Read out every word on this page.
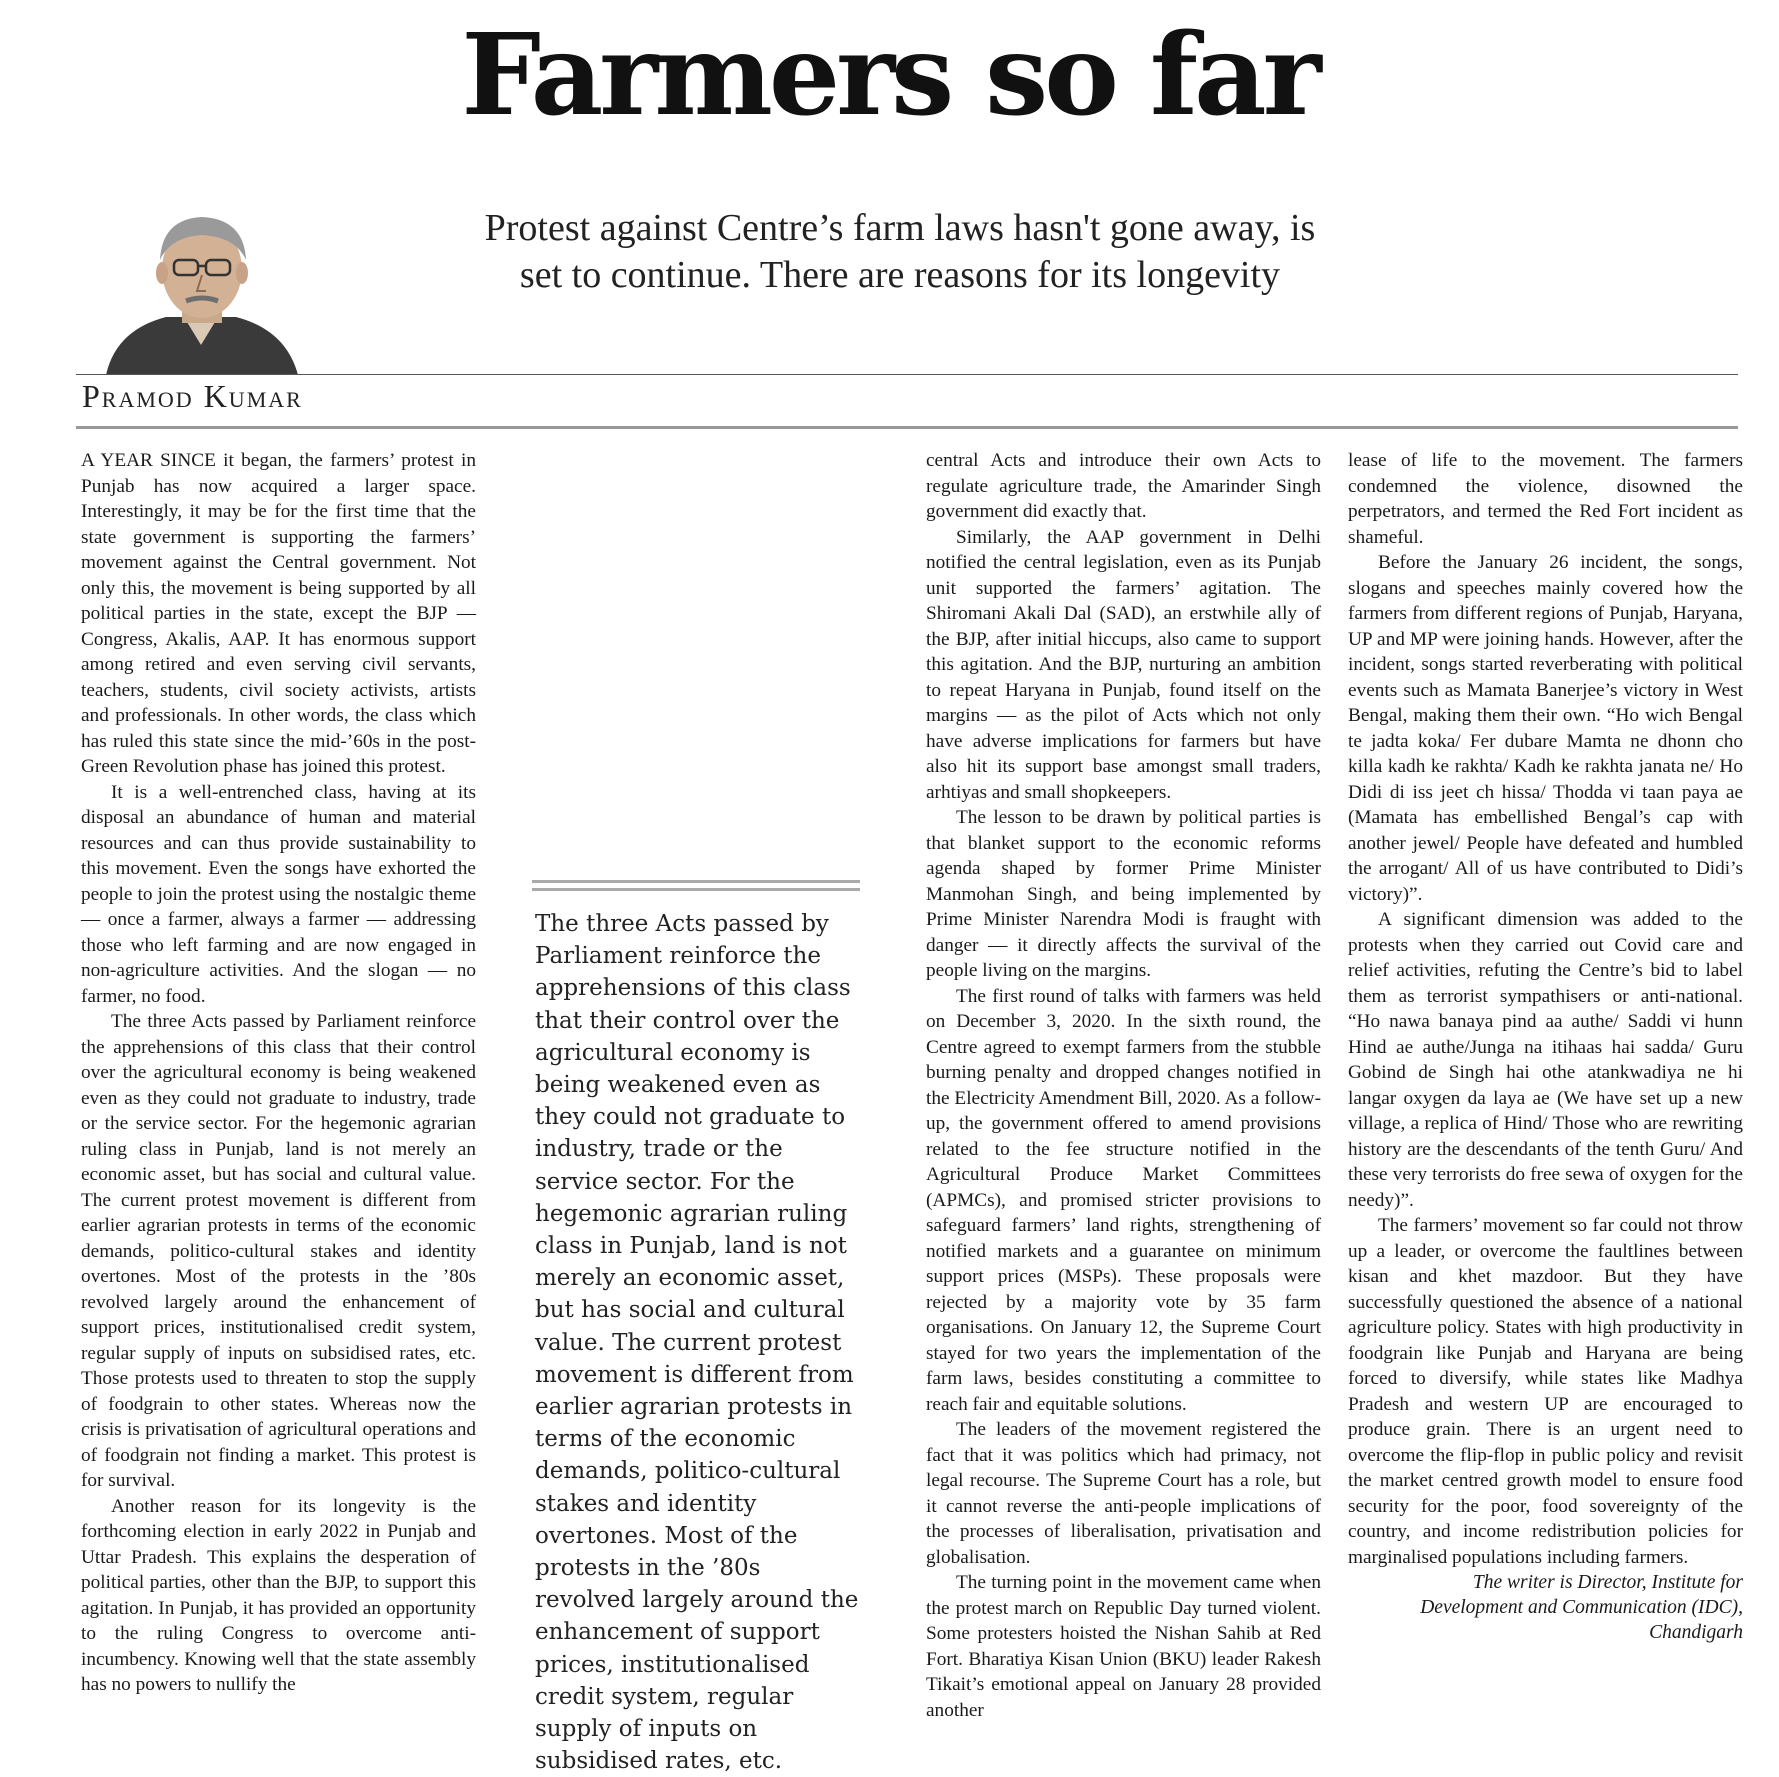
Farmers so far
Protest against Centre’s farm laws hasn't gone away, is set to continue. There are reasons for its longevity
Pramod Kumar

A YEAR SINCE it began, the farmers’ protest in Punjab has now acquired a larger space. Interestingly, it may be for the first time that the state government is supporting the farmers’ movement against the Central government. Not only this, the movement is being supported by all political parties in the state, except the BJP — Congress, Akalis, AAP. It has enormous support among retired and even serving civil servants, teachers, students, civil society activists, artists and professionals. In other words, the class which has ruled this state since the mid-’60s in the post-Green Revolution phase has joined this protest.

It is a well-entrenched class, having at its disposal an abundance of human and material resources and can thus provide sustainability to this movement. Even the songs have exhorted the people to join the protest using the nostalgic theme — once a farmer, always a farmer — addressing those who left farming and are now engaged in non-agriculture activities. And the slogan — no farmer, no food.

The three Acts passed by Parliament reinforce the apprehensions of this class that their control over the agricultural economy is being weakened even as they could not graduate to industry, trade or the service sector. For the hegemonic agrarian ruling class in Punjab, land is not merely an economic asset, but has social and cultural value. The current protest movement is different from earlier agrarian protests in terms of the economic demands, politico-cultural stakes and identity overtones. Most of the protests in the ’80s revolved largely around the enhancement of support prices, institutionalised credit system, regular supply of inputs on subsidised rates, etc. Those protests used to threaten to stop the supply of foodgrain to other states. Whereas now the crisis is privatisation of agricultural operations and of foodgrain not finding a market. This protest is for survival.

Another reason for its longevity is the forthcoming election in early 2022 in Punjab and Uttar Pradesh. This explains the desperation of political parties, other than the BJP, to support this agitation. In Punjab, it has provided an opportunity to the ruling Congress to overcome anti-incumbency. Knowing well that the state assembly has no powers to nullify the

The three Acts passed by Parliament reinforce the apprehensions of this class that their control over the agricultural economy is being weakened even as they could not graduate to industry, trade or the service sector. For the hegemonic agrarian ruling class in Punjab, land is not merely an economic asset, but has social and cultural value. The current protest movement is different from earlier agrarian protests in terms of the economic demands, politico-cultural stakes and identity overtones. Most of the protests in the ’80s revolved largely around the enhancement of support prices, institutionalised credit system, regular supply of inputs on subsidised rates, etc.

central Acts and introduce their own Acts to regulate agriculture trade, the Amarinder Singh government did exactly that.

Similarly, the AAP government in Delhi notified the central legislation, even as its Punjab unit supported the farmers’ agitation. The Shiromani Akali Dal (SAD), an erstwhile ally of the BJP, after initial hiccups, also came to support this agitation. And the BJP, nurturing an ambition to repeat Haryana in Punjab, found itself on the margins — as the pilot of Acts which not only have adverse implications for farmers but have also hit its support base amongst small traders, arhtiyas and small shopkeepers.

The lesson to be drawn by political parties is that blanket support to the economic reforms agenda shaped by former Prime Minister Manmohan Singh, and being implemented by Prime Minister Narendra Modi is fraught with danger — it directly affects the survival of the people living on the margins.

The first round of talks with farmers was held on December 3, 2020. In the sixth round, the Centre agreed to exempt farmers from the stubble burning penalty and dropped changes notified in the Electricity Amendment Bill, 2020. As a follow-up, the government offered to amend provisions related to the fee structure notified in the Agricultural Produce Market Committees (APMCs), and promised stricter provisions to safeguard farmers’ land rights, strengthening of notified markets and a guarantee on minimum support prices (MSPs). These proposals were rejected by a majority vote by 35 farm organisations. On January 12, the Supreme Court stayed for two years the implementation of the farm laws, besides constituting a committee to reach fair and equitable solutions.

The leaders of the movement registered the fact that it was politics which had primacy, not legal recourse. The Supreme Court has a role, but it cannot reverse the anti-people implications of the processes of liberalisation, privatisation and globalisation.

The turning point in the movement came when the protest march on Republic Day turned violent. Some protesters hoisted the Nishan Sahib at Red Fort. Bharatiya Kisan Union (BKU) leader Rakesh Tikait’s emotional appeal on January 28 provided another

lease of life to the movement. The farmers condemned the violence, disowned the perpetrators, and termed the Red Fort incident as shameful.

Before the January 26 incident, the songs, slogans and speeches mainly covered how the farmers from different regions of Punjab, Haryana, UP and MP were joining hands. However, after the incident, songs started reverberating with political events such as Mamata Banerjee’s victory in West Bengal, making them their own. “Ho wich Bengal te jadta koka/ Fer dubare Mamta ne dhonn cho killa kadh ke rakhta/ Kadh ke rakhta janata ne/ Ho Didi di iss jeet ch hissa/ Thodda vi taan paya ae (Mamata has embellished Bengal’s cap with another jewel/ People have defeated and humbled the arrogant/ All of us have contributed to Didi’s victory)”.

A significant dimension was added to the protests when they carried out Covid care and relief activities, refuting the Centre’s bid to label them as terrorist sympathisers or anti-national. “Ho nawa banaya pind aa authe/ Saddi vi hunn Hind ae authe/Junga na itihaas hai sadda/ Guru Gobind de Singh hai othe atankwadiya ne hi langar oxygen da laya ae (We have set up a new village, a replica of Hind/ Those who are rewriting history are the descendants of the tenth Guru/ And these very terrorists do free sewa of oxygen for the needy)”.

The farmers’ movement so far could not throw up a leader, or overcome the faultlines between kisan and khet mazdoor. But they have successfully questioned the absence of a national agriculture policy. States with high productivity in foodgrain like Punjab and Haryana are being forced to diversify, while states like Madhya Pradesh and western UP are encouraged to produce grain. There is an urgent need to overcome the flip-flop in public policy and revisit the market centred growth model to ensure food security for the poor, food sovereignty of the country, and income redistribution policies for marginalised populations including farmers.

The writer is Director, Institute for Development and Communication (IDC), Chandigarh
